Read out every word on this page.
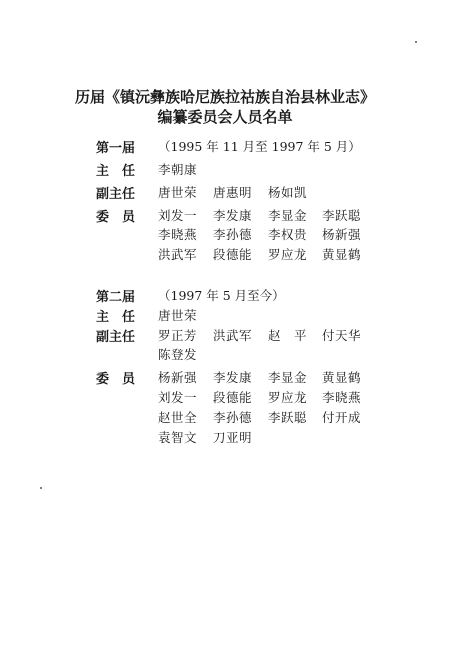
历届《镇沅彝族哈尼族拉祜族自治县林业志》
编纂委员会人员名单
第一届 （1995 年 11 月至 1997 年 5 月）
主　任 李朝康
副主任 唐世荣 唐惠明 杨如凯
委　员 刘发一 李发康 李显金 李跃聪
李晓燕 李孙德 李权贵 杨新强
洪武军 段德能 罗应龙 黄显鹤
第二届 （1997 年 5 月至今）
主　任 唐世荣
副主任 罗正芳 洪武军 赵　平 付天华
陈登发
委　员 杨新强 李发康 李显金 黄显鹤
刘发一 段德能 罗应龙 李晓燕
赵世全 李孙德 李跃聪 付开成
袁智文 刀亚明
